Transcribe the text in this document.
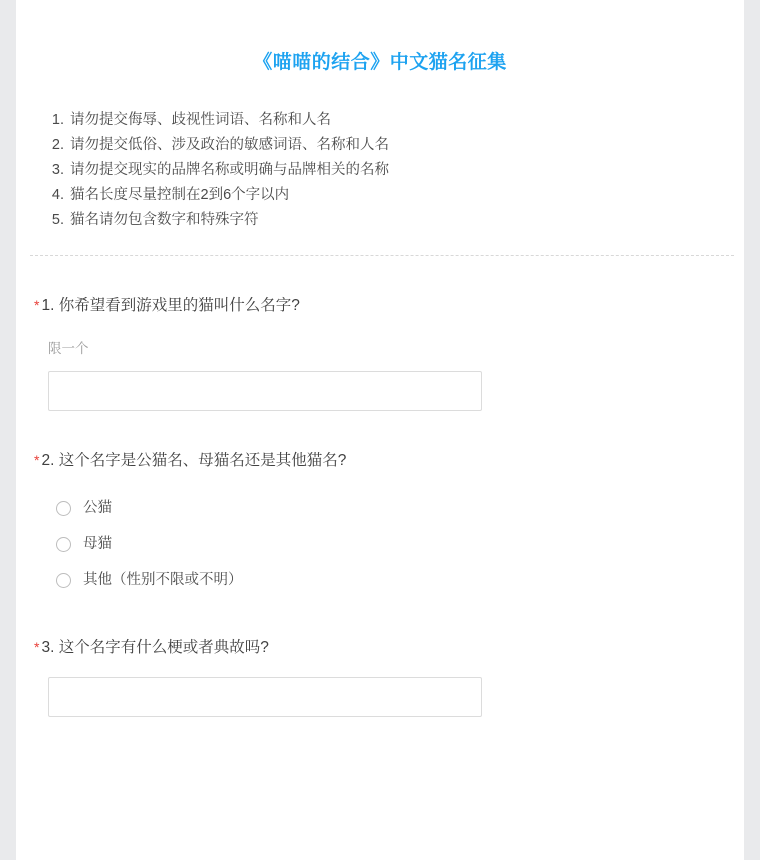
《喵喵的结合》中文猫名征集
1. 请勿提交侮辱、歧视性词语、名称和人名
2. 请勿提交低俗、涉及政治的敏感词语、名称和人名
3. 请勿提交现实的品牌名称或明确与品牌相关的名称
4. 猫名长度尽量控制在2到6个字以内
5. 猫名请勿包含数字和特殊字符
* 1. 你希望看到游戏里的猫叫什么名字?
限一个
* 2. 这个名字是公猫名、母猫名还是其他猫名?
公猫
母猫
其他（性别不限或不明）
* 3. 这个名字有什么梗或者典故吗?
